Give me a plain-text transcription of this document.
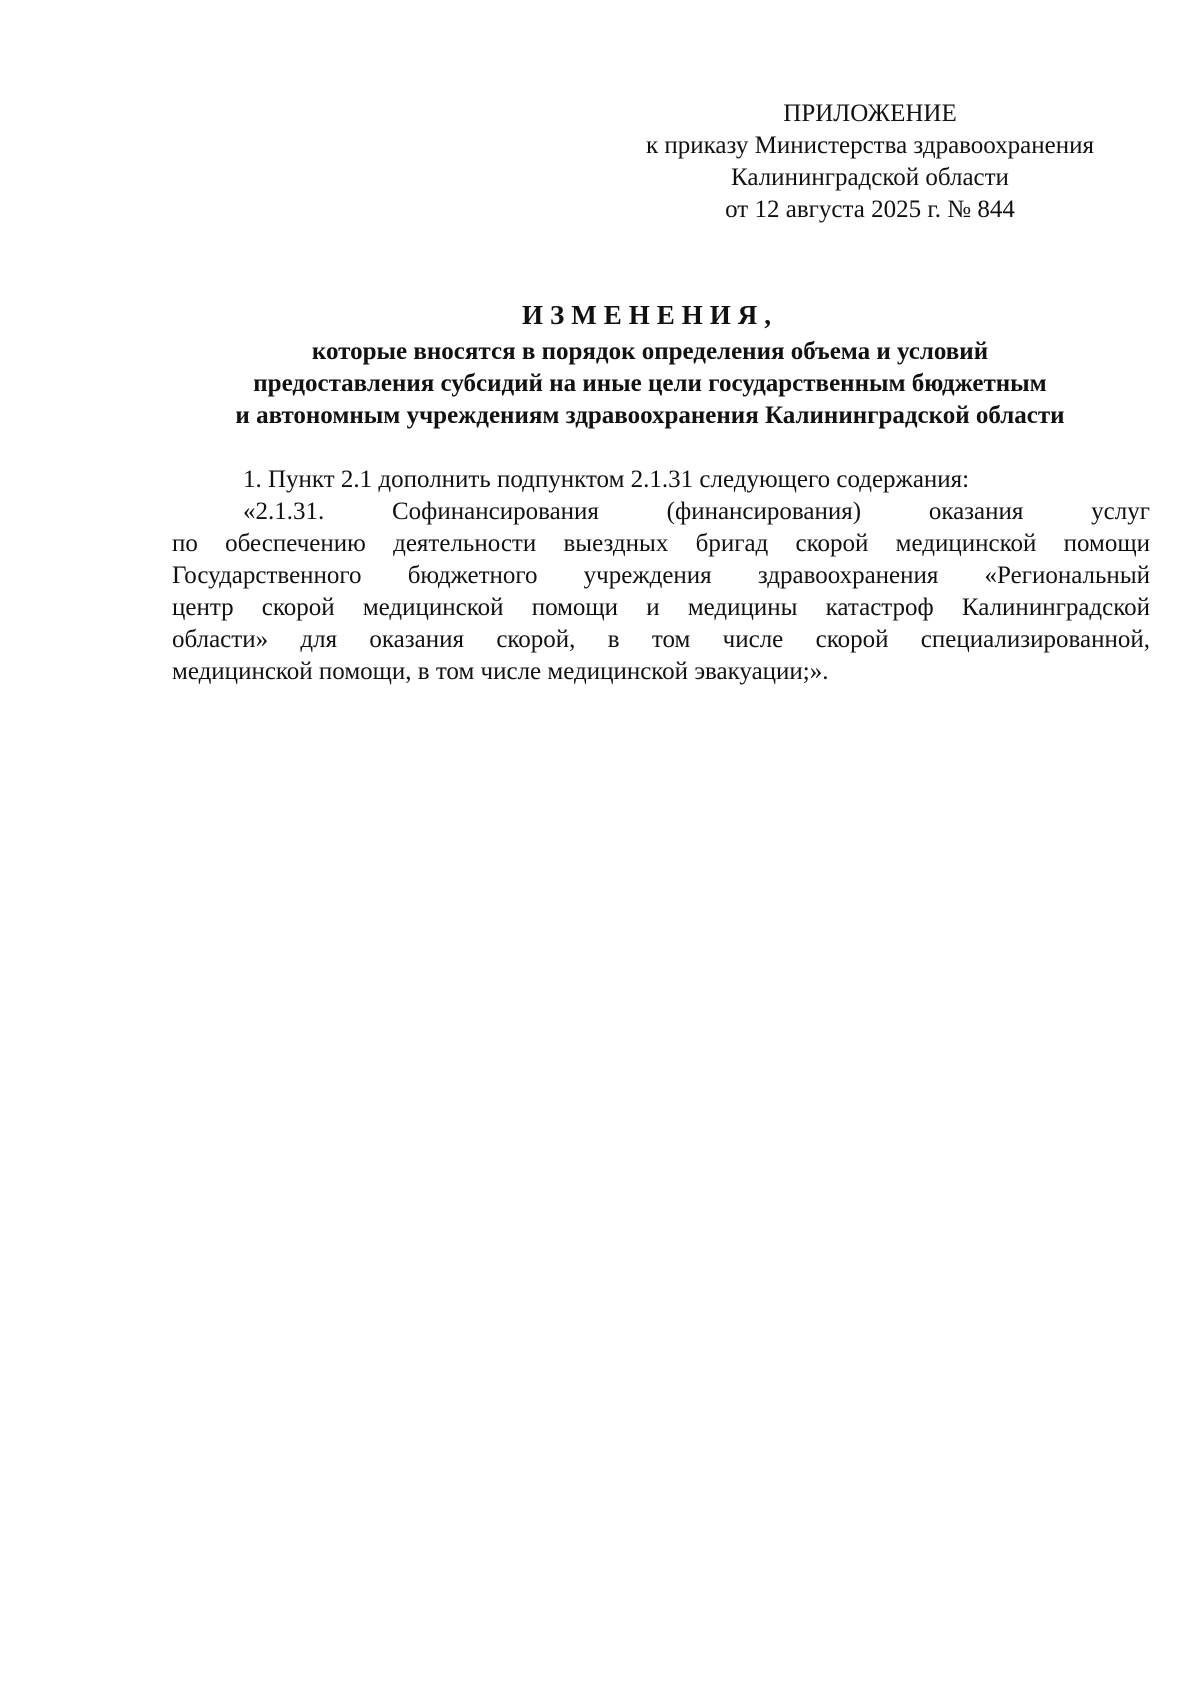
ПРИЛОЖЕНИЕ
к приказу Министерства здравоохранения
Калининградской области
от 12 августа 2025 г. № 844
ИЗМЕНЕНИЯ,
которые вносятся в порядок определения объема и условий
предоставления субсидий на иные цели государственным бюджетным
и автономным учреждениям здравоохранения Калининградской области
1. Пункт 2.1 дополнить подпунктом 2.1.31 следующего содержания:
«2.1.31. Софинансирования (финансирования) оказания услуг
по обеспечению деятельности выездных бригад скорой медицинской помощи
Государственного бюджетного учреждения здравоохранения «Региональный
центр скорой медицинской помощи и медицины катастроф Калининградской
области» для оказания скорой, в том числе скорой специализированной,
медицинской помощи, в том числе медицинской эвакуации;».
